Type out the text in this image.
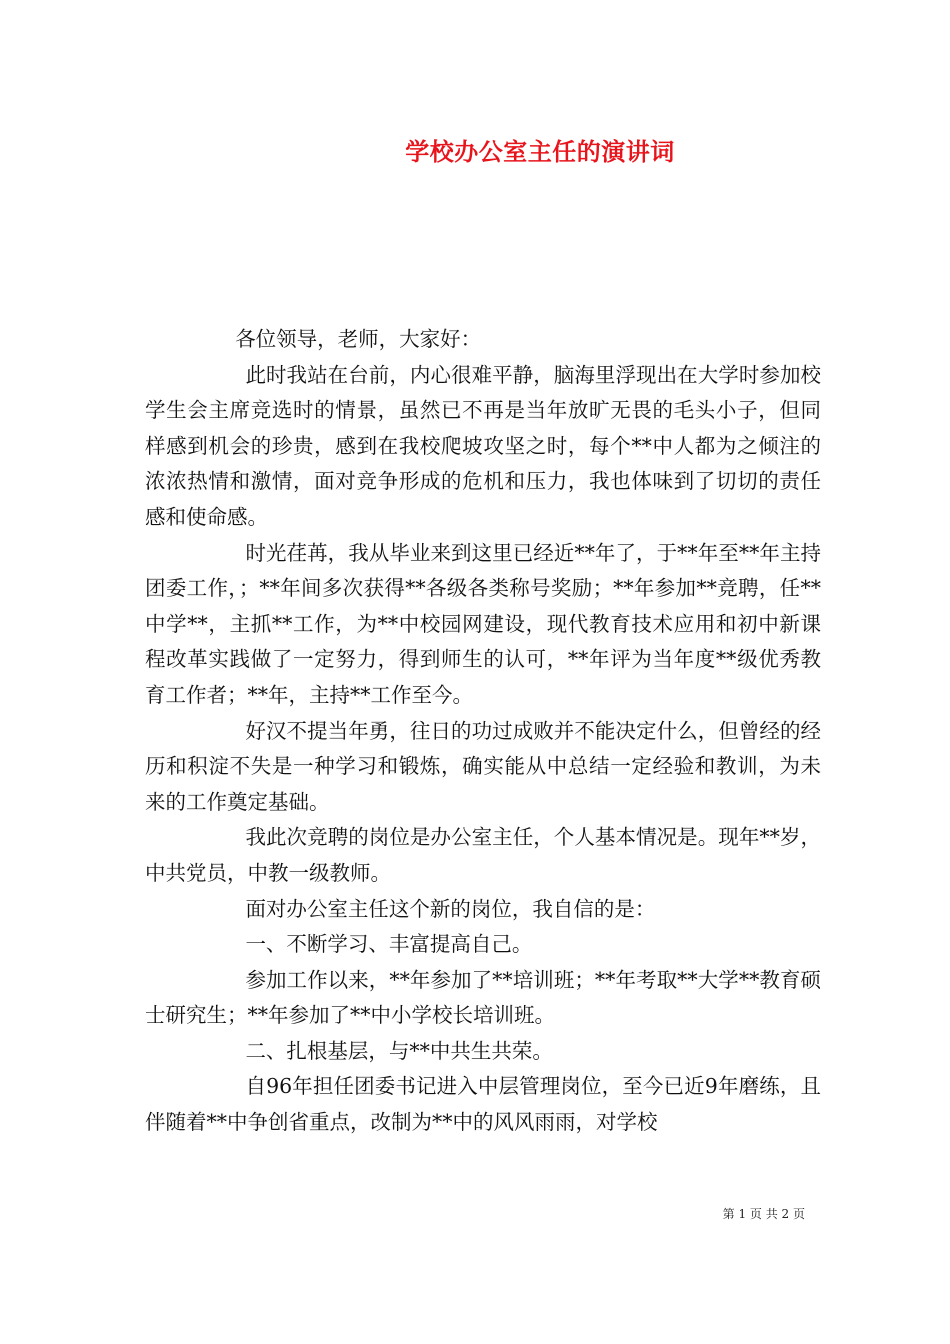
学校办公室主任的演讲词

各位领导，老师，大家好：

此时我站在台前，内心很难平静，脑海里浮现出在大学时参加校学生会主席竞选时的情景，虽然已不再是当年放旷无畏的毛头小子，但同样感到机会的珍贵，感到在我校爬坡攻坚之时，每个**中人都为之倾注的浓浓热情和激情，面对竞争形成的危机和压力，我也体味到了切切的责任感和使命感。

时光荏苒，我从毕业来到这里已经近**年了，于**年至**年主持团委工作，；**年间多次获得**各级各类称号奖励；**年参加**竞聘，任**中学**，主抓**工作，为**中校园网建设，现代教育技术应用和初中新课程改革实践做了一定努力，得到师生的认可，**年评为当年度**级优秀教育工作者；**年，主持**工作至今。

好汉不提当年勇，往日的功过成败并不能决定什么，但曾经的经历和积淀不失是一种学习和锻炼，确实能从中总结一定经验和教训，为未来的工作奠定基础。

我此次竞聘的岗位是办公室主任，个人基本情况是。现年**岁，中共党员，中教一级教师。

面对办公室主任这个新的岗位，我自信的是：

一、不断学习、丰富提高自己。

参加工作以来，**年参加了**培训班；**年考取**大学**教育硕士研究生；**年参加了**中小学校长培训班。

二、扎根基层，与**中共生共荣。

自96年担任团委书记进入中层管理岗位，至今已近9年磨练，且伴随着**中争创省重点，改制为**中的风风雨雨，对学校

第 1 页 共 2 页
